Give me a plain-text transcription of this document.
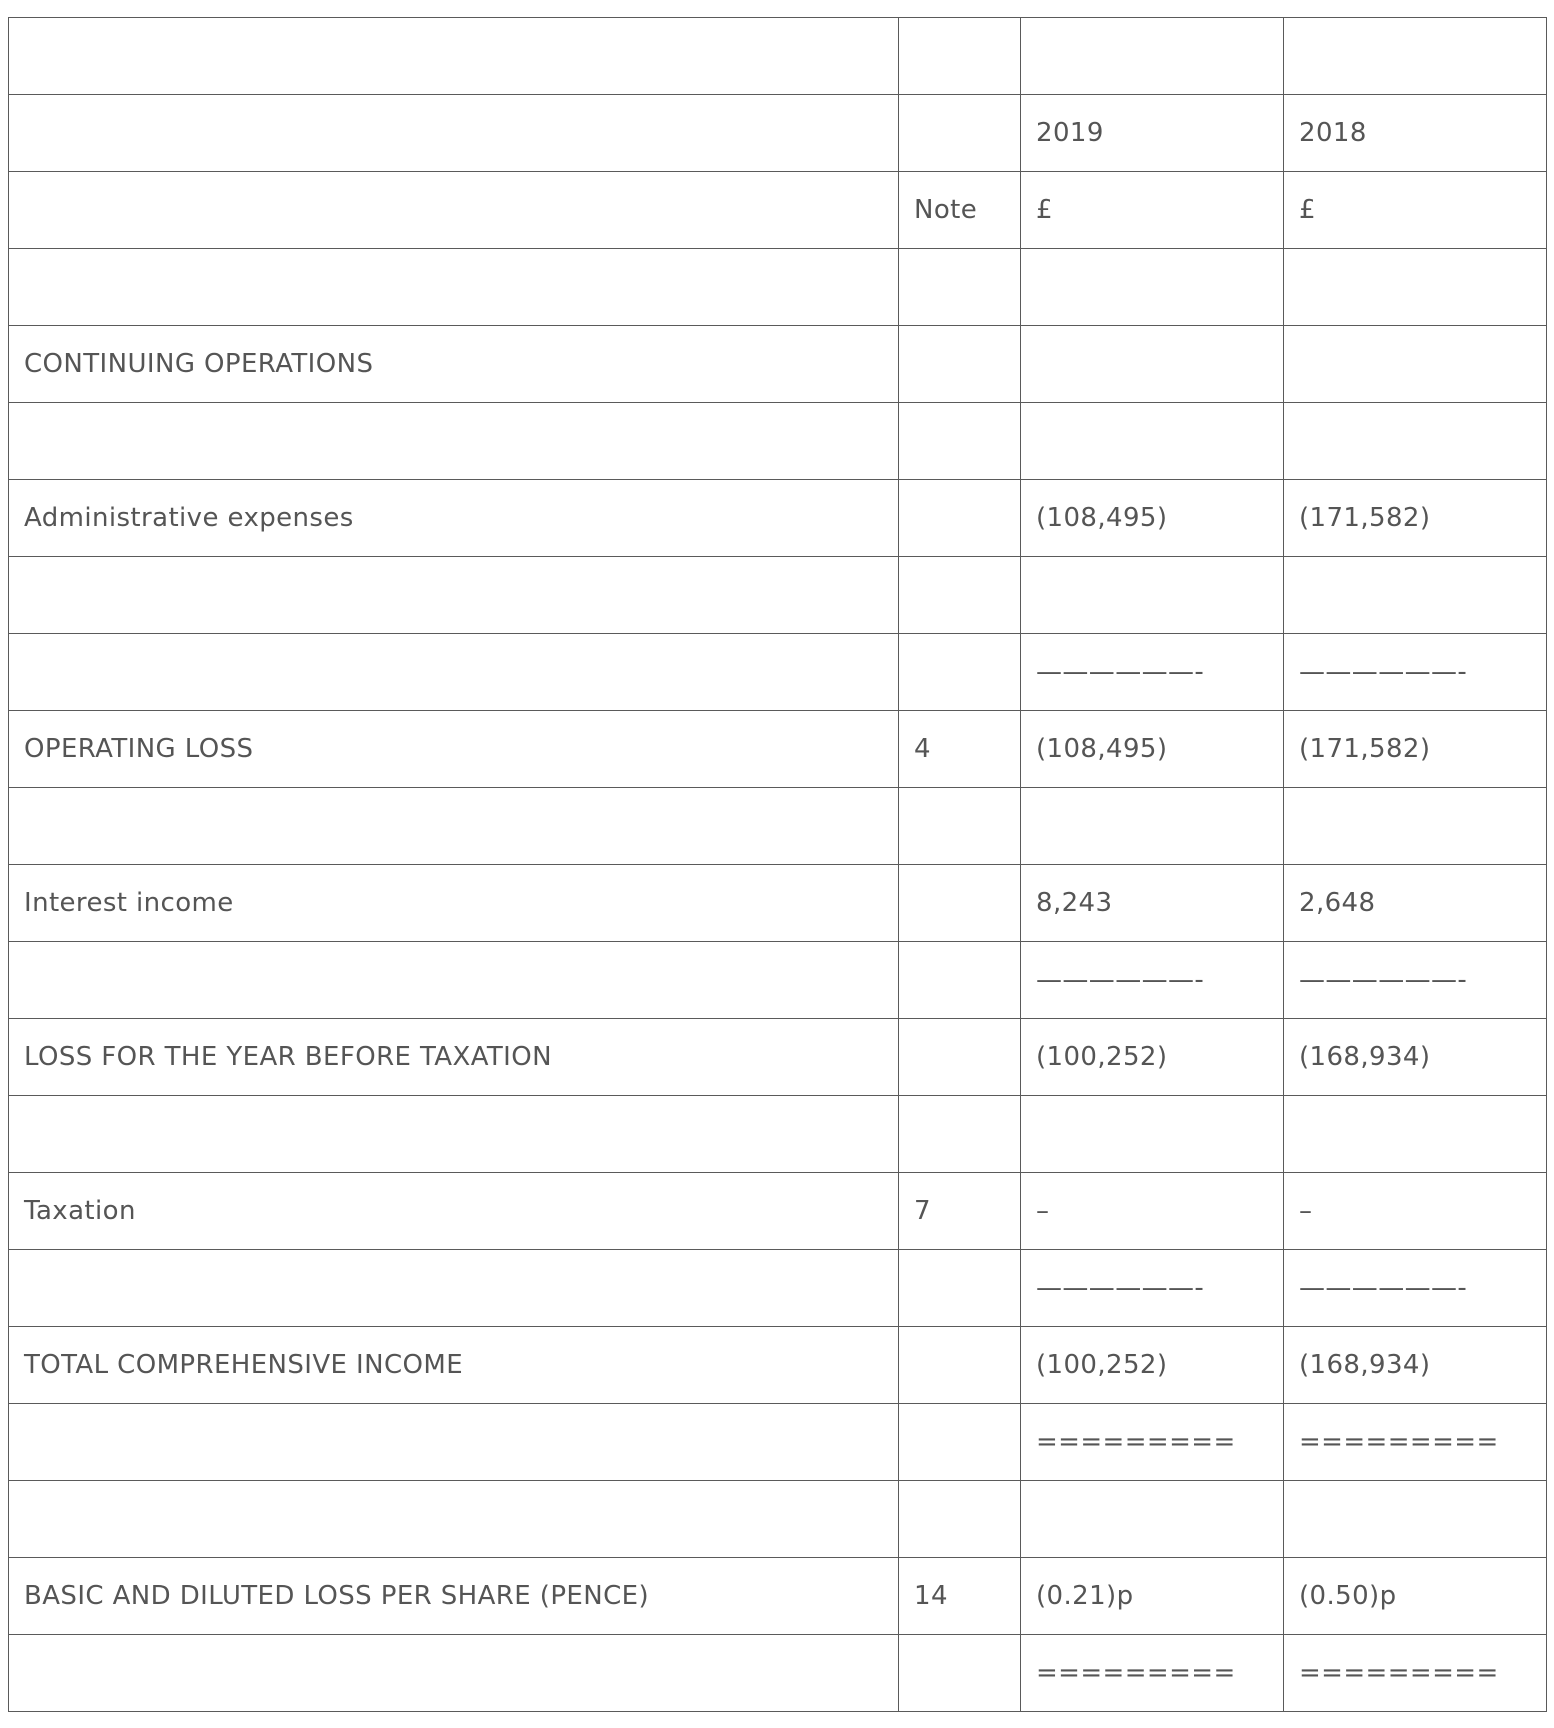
		2019	2018
	Note	£	£

CONTINUING OPERATIONS			

Administrative expenses		(108,495)	(171,582)

		——————-	——————-
OPERATING LOSS	4	(108,495)	(171,582)

Interest income		8,243	2,648
		——————-	——————-
LOSS FOR THE YEAR BEFORE TAXATION		(100,252)	(168,934)

Taxation	7	–	–
		——————-	——————-
TOTAL COMPREHENSIVE INCOME		(100,252)	(168,934)
		=========	=========

BASIC AND DILUTED LOSS PER SHARE (PENCE)	14	(0.21)p	(0.50)p
		=========	=========
